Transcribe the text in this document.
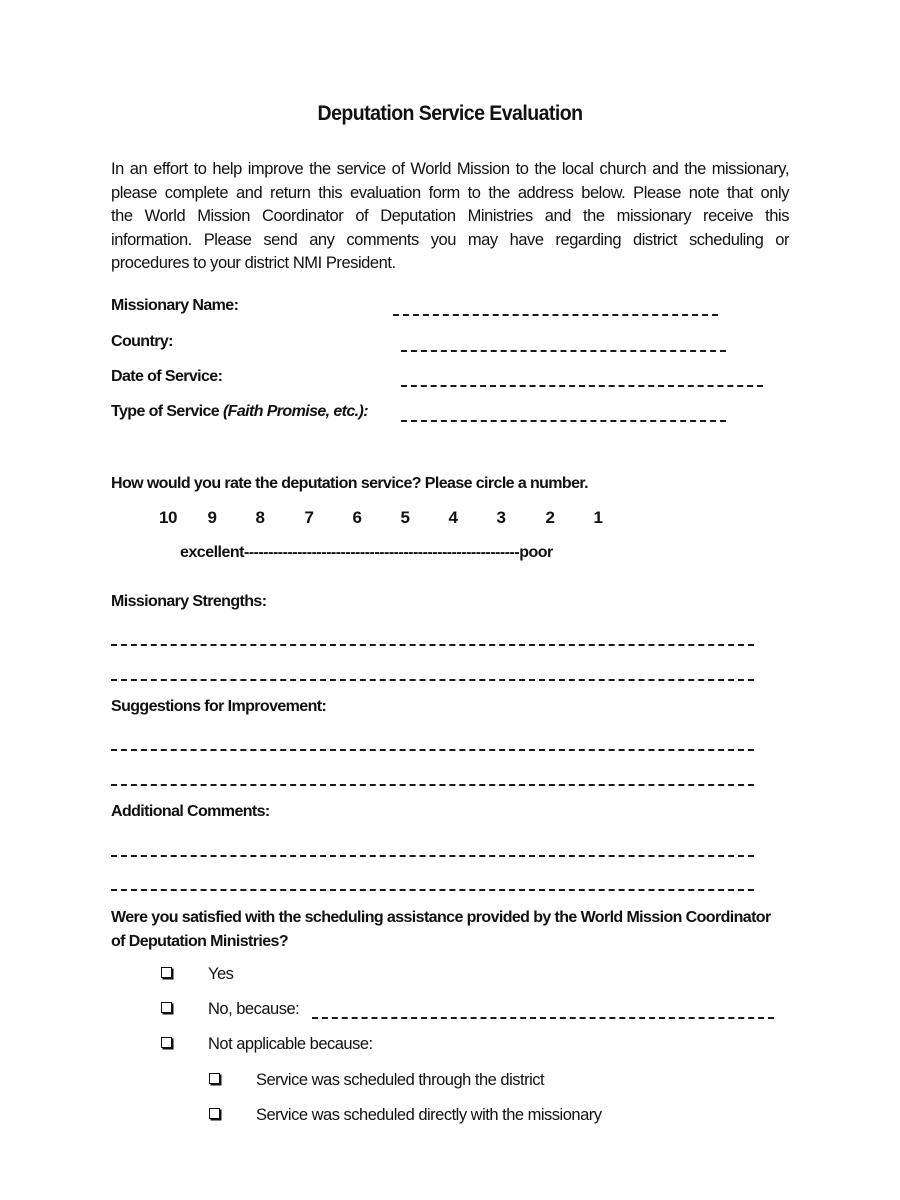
Deputation Service Evaluation
In an effort to help improve the service of World Mission to the local church and the missionary,
please complete and return this evaluation form to the address below. Please note that only
the World Mission Coordinator of Deputation Ministries and the missionary receive this
information. Please send any comments you may have regarding district scheduling or
procedures to your district NMI President.
Missionary Name:
Country:
Date of Service:
Type of Service (Faith Promise, etc.):
How would you rate the deputation service? Please circle a number.
10	9	8	7	6	5	4	3	2	1
excellent---------------------------------------------------------poor
Missionary Strengths:
Suggestions for Improvement:
Additional Comments:
Were you satisfied with the scheduling assistance provided by the World Mission Coordinator
of Deputation Ministries?
Yes
No, because:
Not applicable because:
Service was scheduled through the district
Service was scheduled directly with the missionary
